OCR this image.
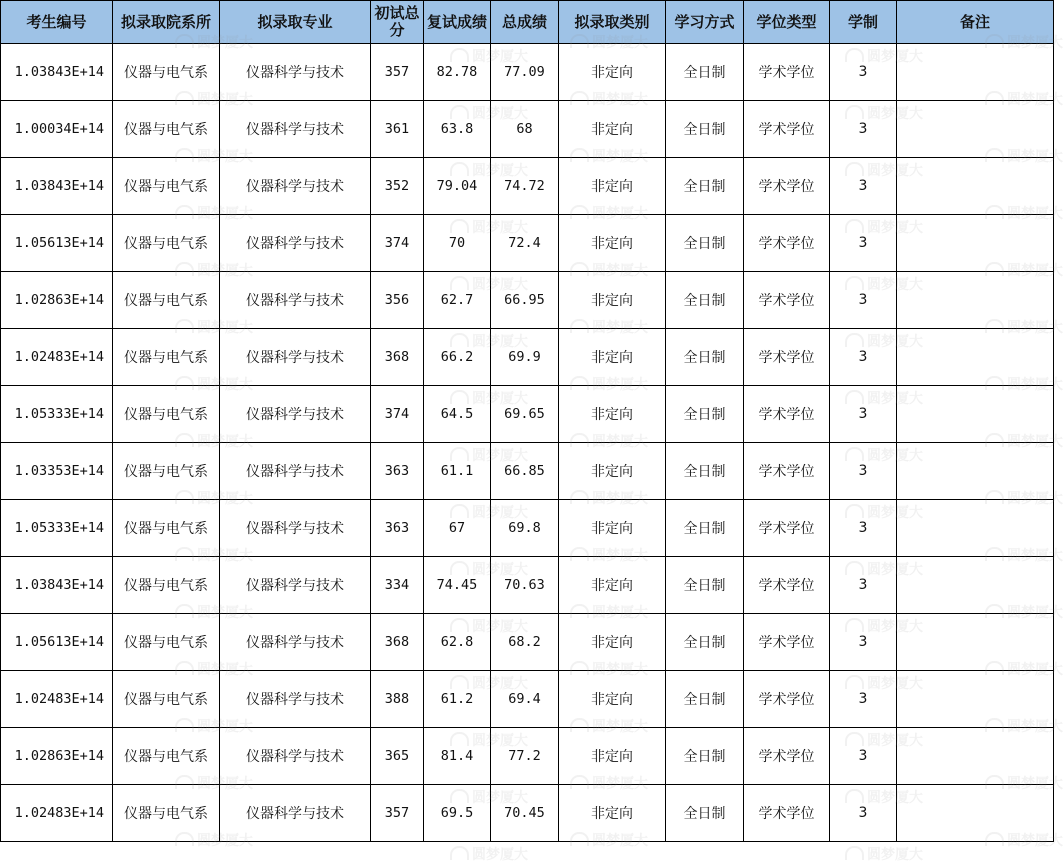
考生编号	拟录取院系所	拟录取专业	初试总分	复试成绩	总成绩	拟录取类别	学习方式	学位类型	学制	备注
1.03843E+14	仪器与电气系	仪器科学与技术	357	82.78	77.09	非定向	全日制	学术学位	3	
1.00034E+14	仪器与电气系	仪器科学与技术	361	63.8	68	非定向	全日制	学术学位	3	
1.03843E+14	仪器与电气系	仪器科学与技术	352	79.04	74.72	非定向	全日制	学术学位	3	
1.05613E+14	仪器与电气系	仪器科学与技术	374	70	72.4	非定向	全日制	学术学位	3	
1.02863E+14	仪器与电气系	仪器科学与技术	356	62.7	66.95	非定向	全日制	学术学位	3	
1.02483E+14	仪器与电气系	仪器科学与技术	368	66.2	69.9	非定向	全日制	学术学位	3	
1.05333E+14	仪器与电气系	仪器科学与技术	374	64.5	69.65	非定向	全日制	学术学位	3	
1.03353E+14	仪器与电气系	仪器科学与技术	363	61.1	66.85	非定向	全日制	学术学位	3	
1.05333E+14	仪器与电气系	仪器科学与技术	363	67	69.8	非定向	全日制	学术学位	3	
1.03843E+14	仪器与电气系	仪器科学与技术	334	74.45	70.63	非定向	全日制	学术学位	3	
1.05613E+14	仪器与电气系	仪器科学与技术	368	62.8	68.2	非定向	全日制	学术学位	3	
1.02483E+14	仪器与电气系	仪器科学与技术	388	61.2	69.4	非定向	全日制	学术学位	3	
1.02863E+14	仪器与电气系	仪器科学与技术	365	81.4	77.2	非定向	全日制	学术学位	3	
1.02483E+14	仪器与电气系	仪器科学与技术	357	69.5	70.45	非定向	全日制	学术学位	3	
圆梦厦大	圆梦厦大
圆梦厦大
圆梦厦大
圆梦厦大
圆梦厦大
圆梦厦大
圆梦厦大
圆梦厦大
圆梦厦大
圆梦厦大
圆梦厦大
圆梦厦大
圆梦厦大
圆梦厦大
圆梦厦大
圆梦厦大
圆梦厦大
圆梦厦大
圆梦厦大
圆梦厦大
圆梦厦大
圆梦厦大
圆梦厦大
圆梦厦大
圆梦厦大
圆梦厦大
圆梦厦大
圆梦厦大
圆梦厦大
圆梦厦大
圆梦厦大
圆梦厦大
圆梦厦大
圆梦厦大
圆梦厦大
圆梦厦大
圆梦厦大
圆梦厦大
圆梦厦大
圆梦厦大
圆梦厦大
圆梦厦大
圆梦厦大
圆梦厦大
圆梦厦大
圆梦厦大
圆梦厦大
圆梦厦大
圆梦厦大
圆梦厦大
圆梦厦大
圆梦厦大
圆梦厦大
圆梦厦大
圆梦厦大
圆梦厦大
圆梦厦大
圆梦厦大
圆梦厦大
圆梦厦大
圆梦厦大
圆梦厦大
圆梦厦大
圆梦厦大
圆梦厦大
圆梦厦大
圆梦厦大
圆梦厦大
圆梦厦大
圆梦厦大
圆梦厦大
